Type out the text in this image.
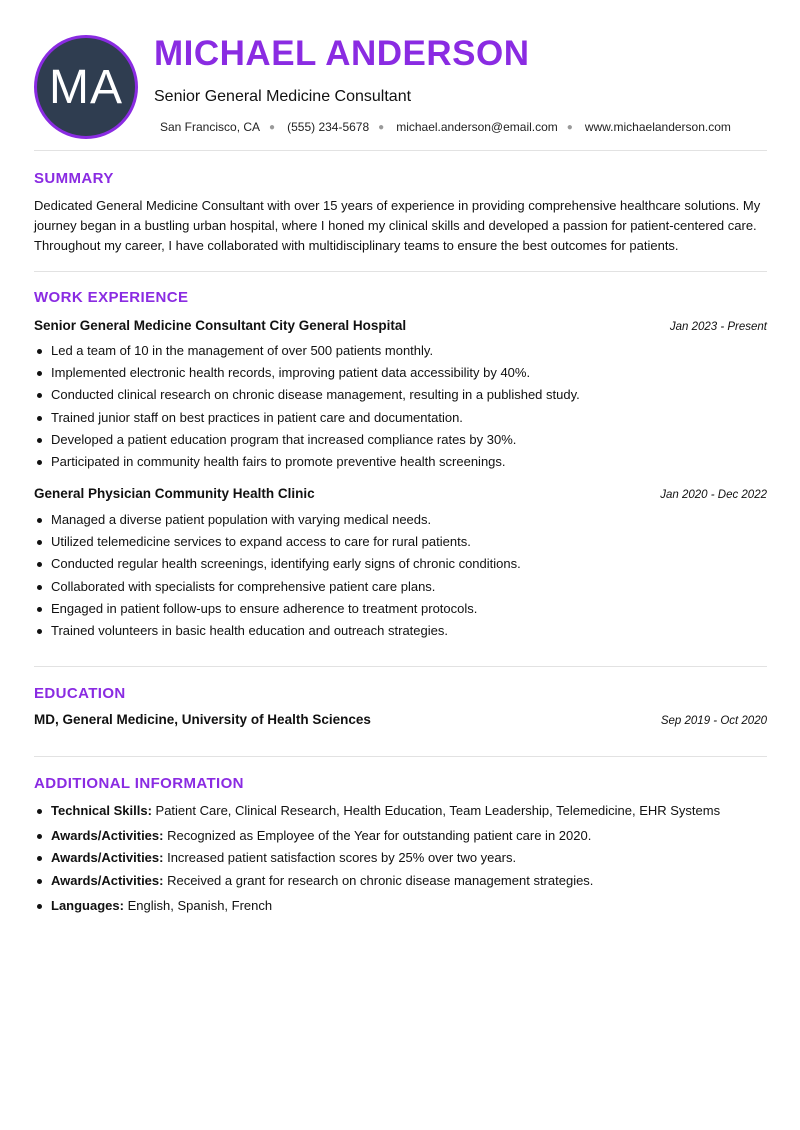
MA
MICHAEL ANDERSON
Senior General Medicine Consultant
San Francisco, CA ● (555) 234-5678 ● michael.anderson@email.com ● www.michaelanderson.com
SUMMARY
Dedicated General Medicine Consultant with over 15 years of experience in providing comprehensive healthcare solutions. My journey began in a bustling urban hospital, where I honed my clinical skills and developed a passion for patient-centered care. Throughout my career, I have collaborated with multidisciplinary teams to ensure the best outcomes for patients.
WORK EXPERIENCE
Senior General Medicine Consultant City General Hospital	Jan 2023 - Present
Led a team of 10 in the management of over 500 patients monthly.
Implemented electronic health records, improving patient data accessibility by 40%.
Conducted clinical research on chronic disease management, resulting in a published study.
Trained junior staff on best practices in patient care and documentation.
Developed a patient education program that increased compliance rates by 30%.
Participated in community health fairs to promote preventive health screenings.
General Physician Community Health Clinic	Jan 2020 - Dec 2022
Managed a diverse patient population with varying medical needs.
Utilized telemedicine services to expand access to care for rural patients.
Conducted regular health screenings, identifying early signs of chronic conditions.
Collaborated with specialists for comprehensive patient care plans.
Engaged in patient follow-ups to ensure adherence to treatment protocols.
Trained volunteers in basic health education and outreach strategies.
EDUCATION
MD, General Medicine, University of Health Sciences	Sep 2019 - Oct 2020
ADDITIONAL INFORMATION
Technical Skills: Patient Care, Clinical Research, Health Education, Team Leadership, Telemedicine, EHR Systems
Awards/Activities: Recognized as Employee of the Year for outstanding patient care in 2020.
Awards/Activities: Increased patient satisfaction scores by 25% over two years.
Awards/Activities: Received a grant for research on chronic disease management strategies.
Languages: English, Spanish, French
